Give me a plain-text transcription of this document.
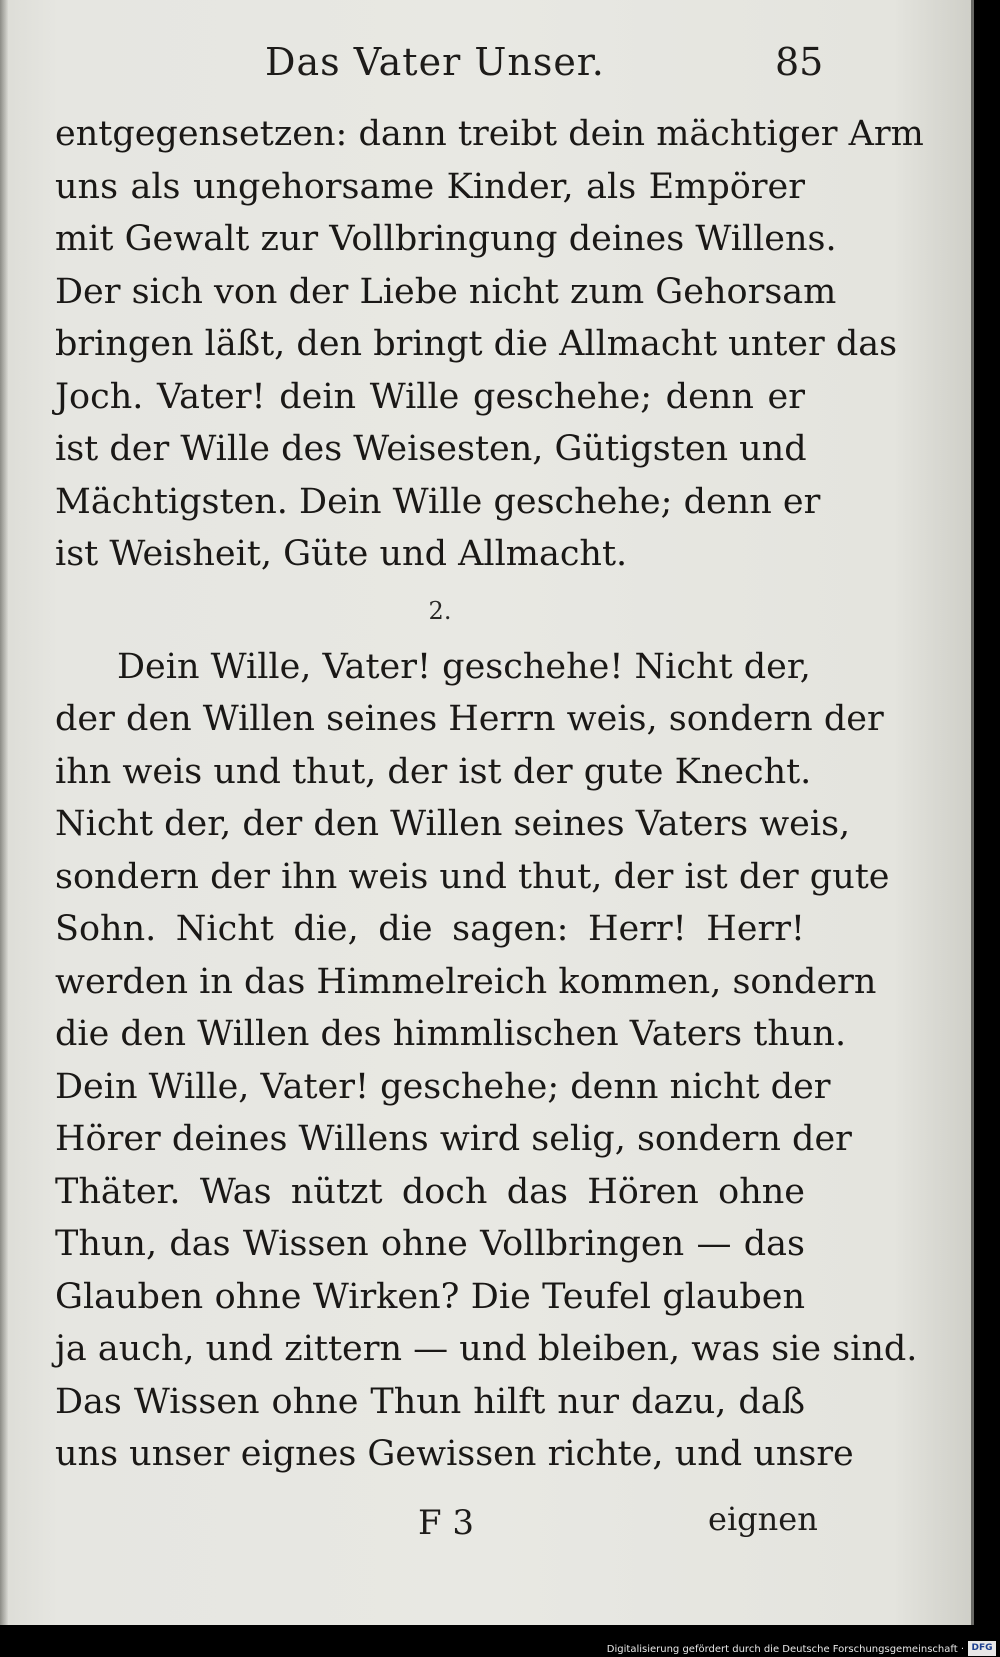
Das Vater Unser.	85
entgegensetzen: dann treibt dein mächtiger Arm
uns als ungehorsame Kinder, als Empörer
mit Gewalt zur Vollbringung deines Willens.
Der sich von der Liebe nicht zum Gehorsam
bringen läßt, den bringt die Allmacht unter das
Joch. Vater! dein Wille geschehe; denn er
ist der Wille des Weisesten, Gütigsten und
Mächtigsten. Dein Wille geschehe; denn er
ist Weisheit, Güte und Allmacht.
2.
Dein Wille, Vater! geschehe! Nicht der,
der den Willen seines Herrn weis, sondern der
ihn weis und thut, der ist der gute Knecht.
Nicht der, der den Willen seines Vaters weis,
sondern der ihn weis und thut, der ist der gute
Sohn. Nicht die, die sagen: Herr! Herr!
werden in das Himmelreich kommen, sondern
die den Willen des himmlischen Vaters thun.
Dein Wille, Vater! geschehe; denn nicht der
Hörer deines Willens wird selig, sondern der
Thäter. Was nützt doch das Hören ohne
Thun, das Wissen ohne Vollbringen — das
Glauben ohne Wirken? Die Teufel glauben
ja auch, und zittern — und bleiben, was sie sind.
Das Wissen ohne Thun hilft nur dazu, daß
uns unser eignes Gewissen richte, und unsre
F 3	eignen
Digitalisierung gefördert durch die Deutsche Forschungsgemeinschaft · DFG
